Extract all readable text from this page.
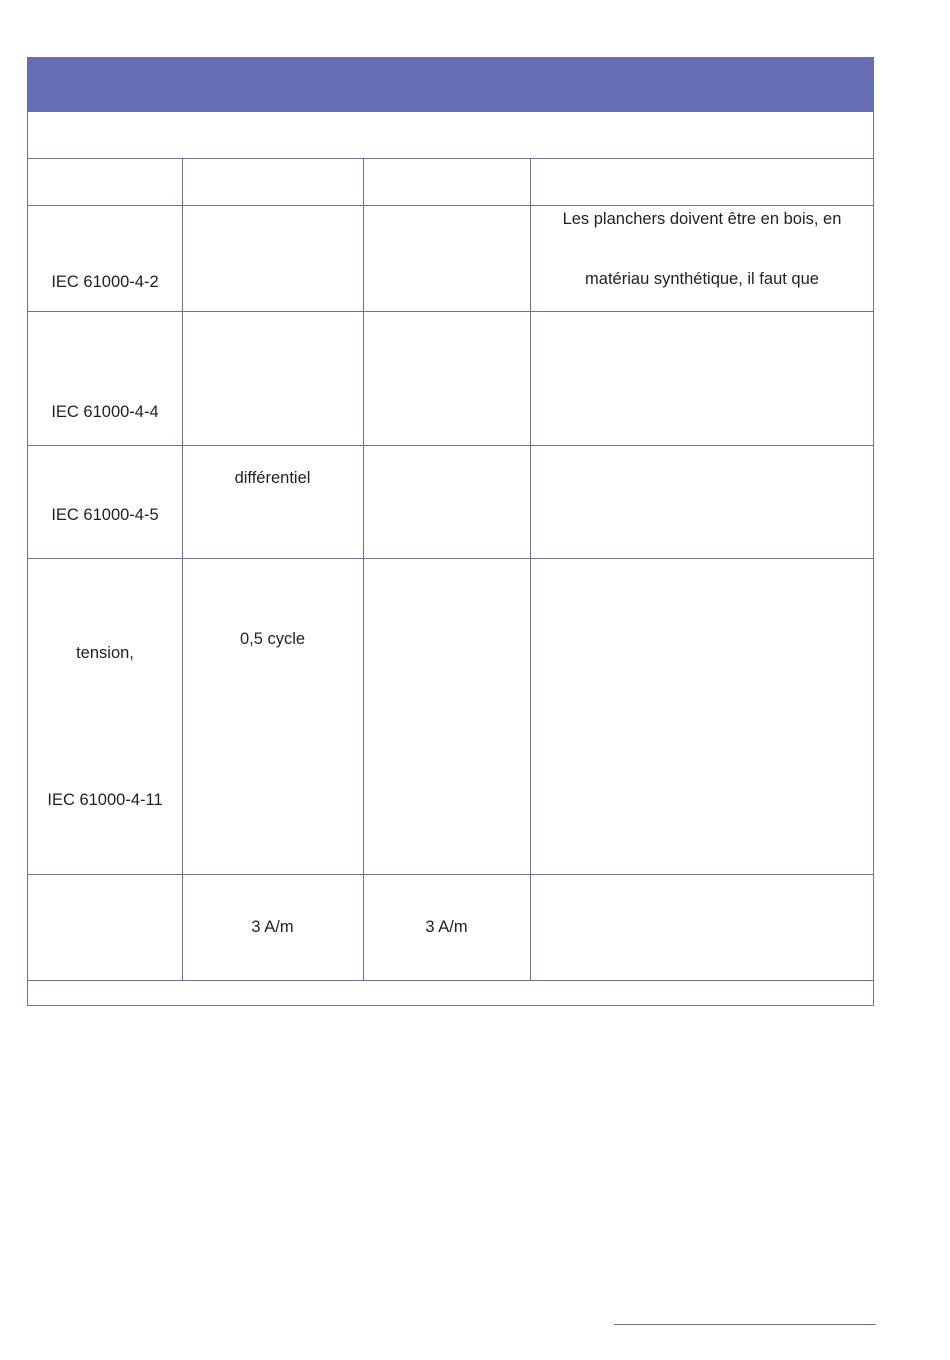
IEC 61000-4-2
Les planchers doivent être en bois, en
matériau synthétique, il faut que
IEC 61000-4-4
différentiel
IEC 61000-4-5
0,5 cycle
tension,
IEC 61000-4-11
3 A/m	3 A/m
